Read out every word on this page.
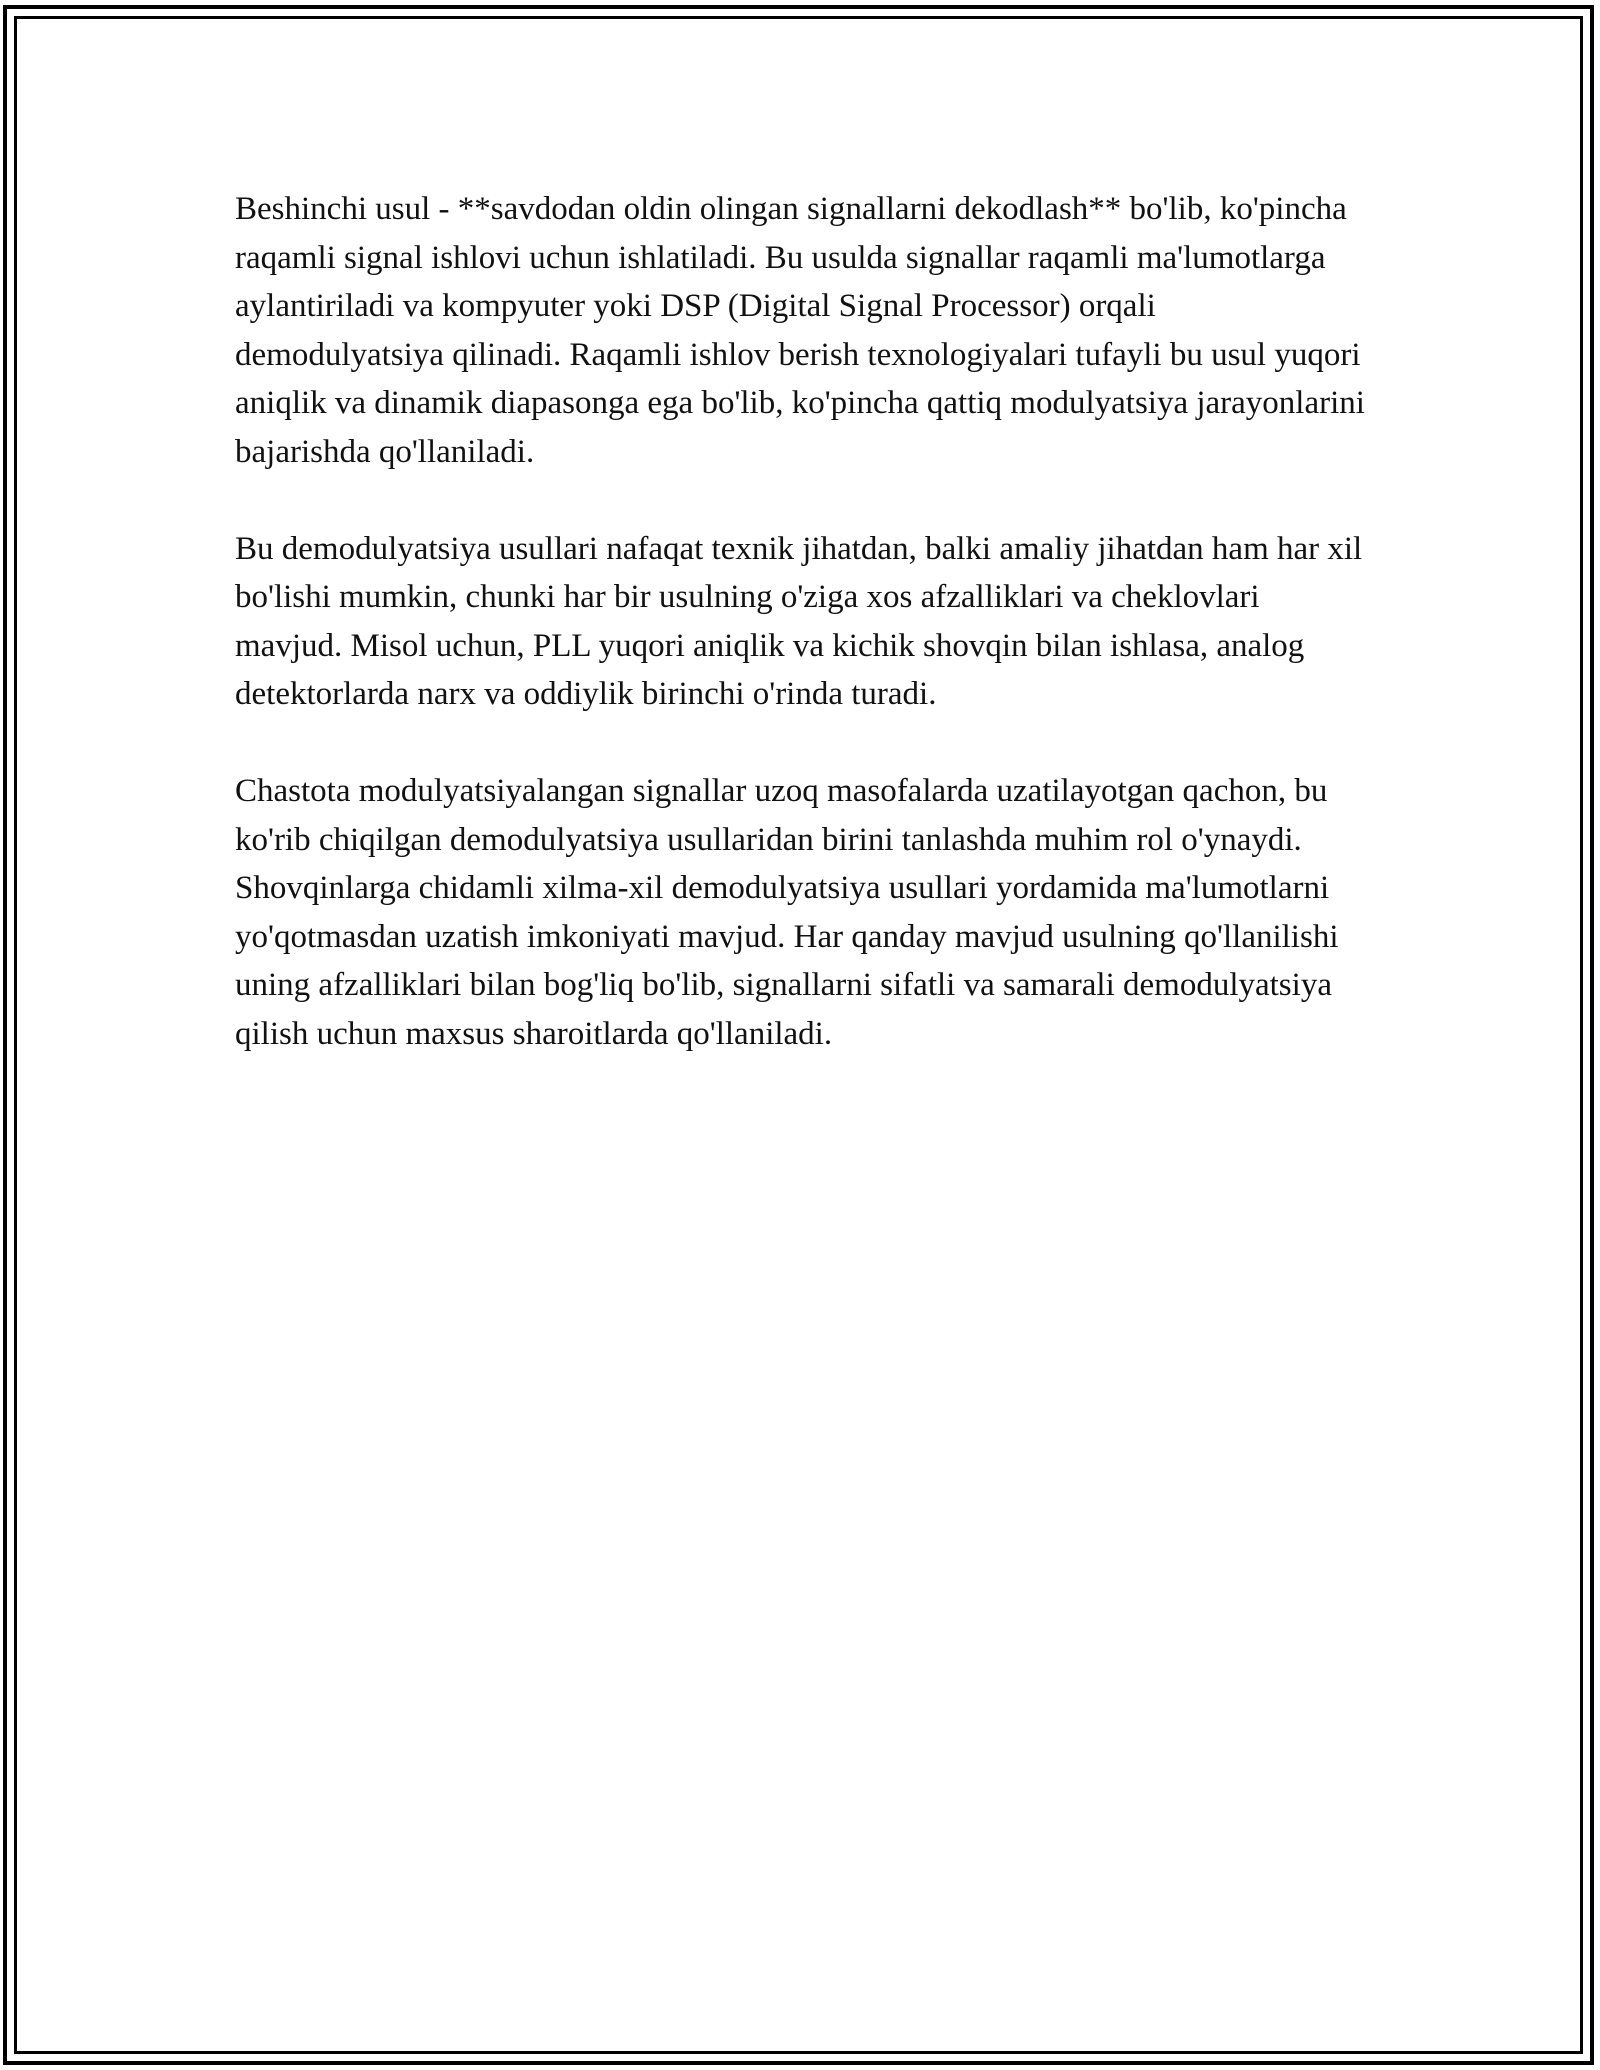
Beshinchi usul - **savdodan oldin olingan signallarni dekodlash** bo'lib, ko'pincha raqamli signal ishlovi uchun ishlatiladi. Bu usulda signallar raqamli ma'lumotlarga aylantiriladi va kompyuter yoki DSP (Digital Signal Processor) orqali demodulyatsiya qilinadi. Raqamli ishlov berish texnologiyalari tufayli bu usul yuqori aniqlik va dinamik diapasonga ega bo'lib, ko'pincha qattiq modulyatsiya jarayonlarini bajarishda qo'llaniladi.

Bu demodulyatsiya usullari nafaqat texnik jihatdan, balki amaliy jihatdan ham har xil bo'lishi mumkin, chunki har bir usulning o'ziga xos afzalliklari va cheklovlari mavjud. Misol uchun, PLL yuqori aniqlik va kichik shovqin bilan ishlasa, analog detektorlarda narx va oddiylik birinchi o'rinda turadi.

Chastota modulyatsiyalangan signallar uzoq masofalarda uzatilayotgan qachon, bu ko'rib chiqilgan demodulyatsiya usullaridan birini tanlashda muhim rol o'ynaydi. Shovqinlarga chidamli xilma-xil demodulyatsiya usullari yordamida ma'lumotlarni yo'qotmasdan uzatish imkoniyati mavjud. Har qanday mavjud usulning qo'llanilishi uning afzalliklari bilan bog'liq bo'lib, signallarni sifatli va samarali demodulyatsiya qilish uchun maxsus sharoitlarda qo'llaniladi.
